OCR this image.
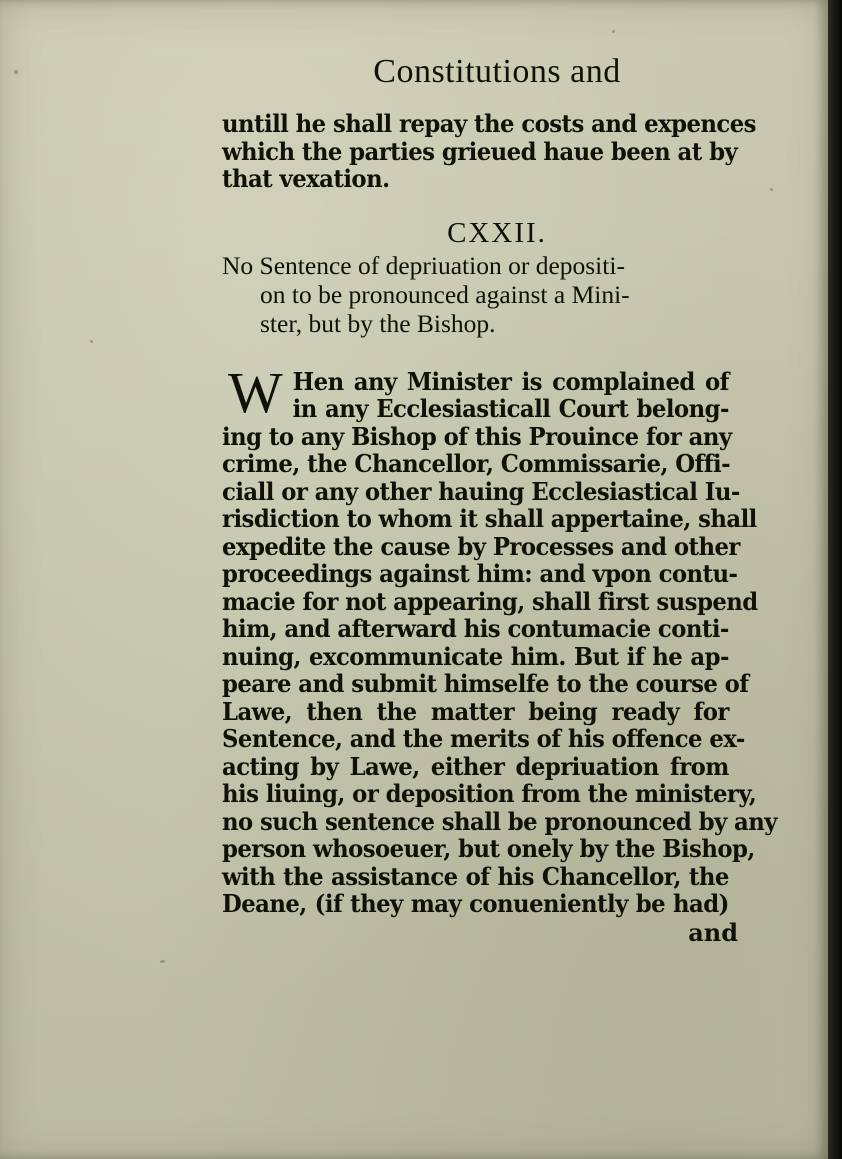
Constitutions and
untill he shall repay the costs and expences
which the parties grieued haue been at by
that vexation.
CXXII.
No Sentence of depriuation or depositi-
on to be pronounced against a Mini-
ster, but by the Bishop.
W Hen any Minister is complained of
in any Ecclesiasticall Court belong-
ing to any Bishop of this Prouince for any
crime, the Chancellor, Commissarie, Offi-
ciall or any other hauing Ecclesiastical Iu-
risdiction to whom it shall appertaine, shall
expedite the cause by Processes and other
proceedings against him: and vpon contu-
macie for not appearing, shall first suspend
him, and afterward his contumacie conti-
nuing, excommunicate him. But if he ap-
peare and submit himselfe to the course of
Lawe, then the matter being ready for
Sentence, and the merits of his offence ex-
acting by Lawe, either depriuation from
his liuing, or deposition from the ministery,
no such sentence shall be pronounced by any
person whosoeuer, but onely by the Bishop,
with the assistance of his Chancellor, the
Deane, (if they may conueniently be had)
and
